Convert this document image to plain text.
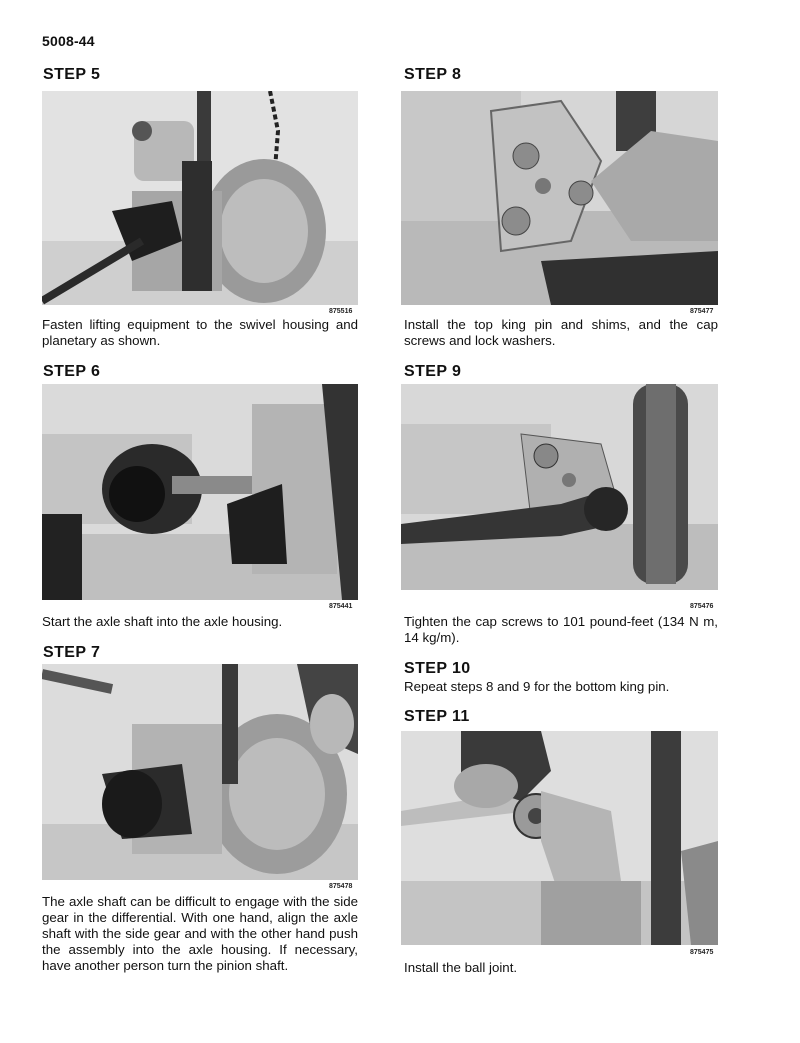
5008-44
STEP 5
875516
Fasten lifting equipment to the swivel housing and planetary as shown.
STEP 6
875441
Start the axle shaft into the axle housing.
STEP 7
875478
The axle shaft can be difficult to engage with the side gear in the differential. With one hand, align the axle shaft with the side gear and with the other hand push the assembly into the axle housing. If necessary, have another person turn the pinion shaft.
STEP 8
875477
Install the top king pin and shims, and the cap screws and lock washers.
STEP 9
875476
Tighten the cap screws to 101 pound-feet (134 N m, 14 kg/m).
STEP 10
Repeat steps 8 and 9 for the bottom king pin.
STEP 11
875475
Install the ball joint.
